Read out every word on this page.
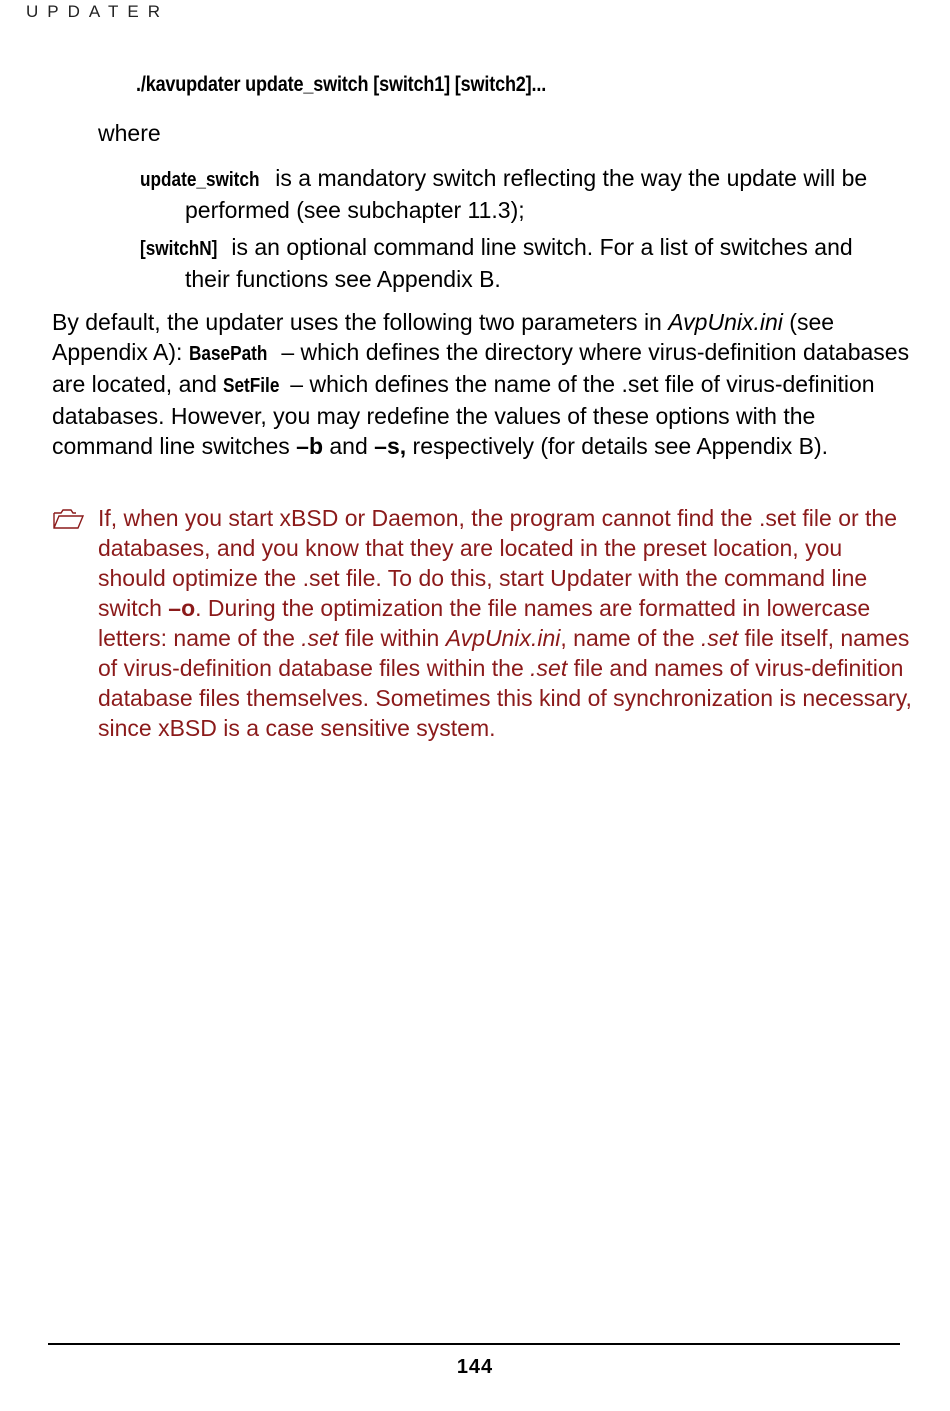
UPDATER
./kavupdater update_switch [switch1] [switch2]...
where
update_switch is a mandatory switch reflecting the way the update will be performed (see subchapter 11.3);
[switchN] is an optional command line switch. For a list of switches and their functions see Appendix B.
By default, the updater uses the following two parameters in AvpUnix.ini (see Appendix A): BasePath – which defines the directory where virus-definition databases are located, and SetFile – which defines the name of the .set file of virus-definition databases. However, you may redefine the values of these options with the command line switches –b and –s, respectively (for details see Appendix B).
If, when you start xBSD or Daemon, the program cannot find the .set file or the databases, and you know that they are located in the preset location, you should optimize the .set file. To do this, start Updater with the command line switch –o. During the optimization the file names are formatted in lowercase letters: name of the .set file within AvpUnix.ini, name of the .set file itself, names of virus-definition database files within the .set file and names of virus-definition database files themselves. Sometimes this kind of synchronization is necessary, since xBSD is a case sensitive system.
144
